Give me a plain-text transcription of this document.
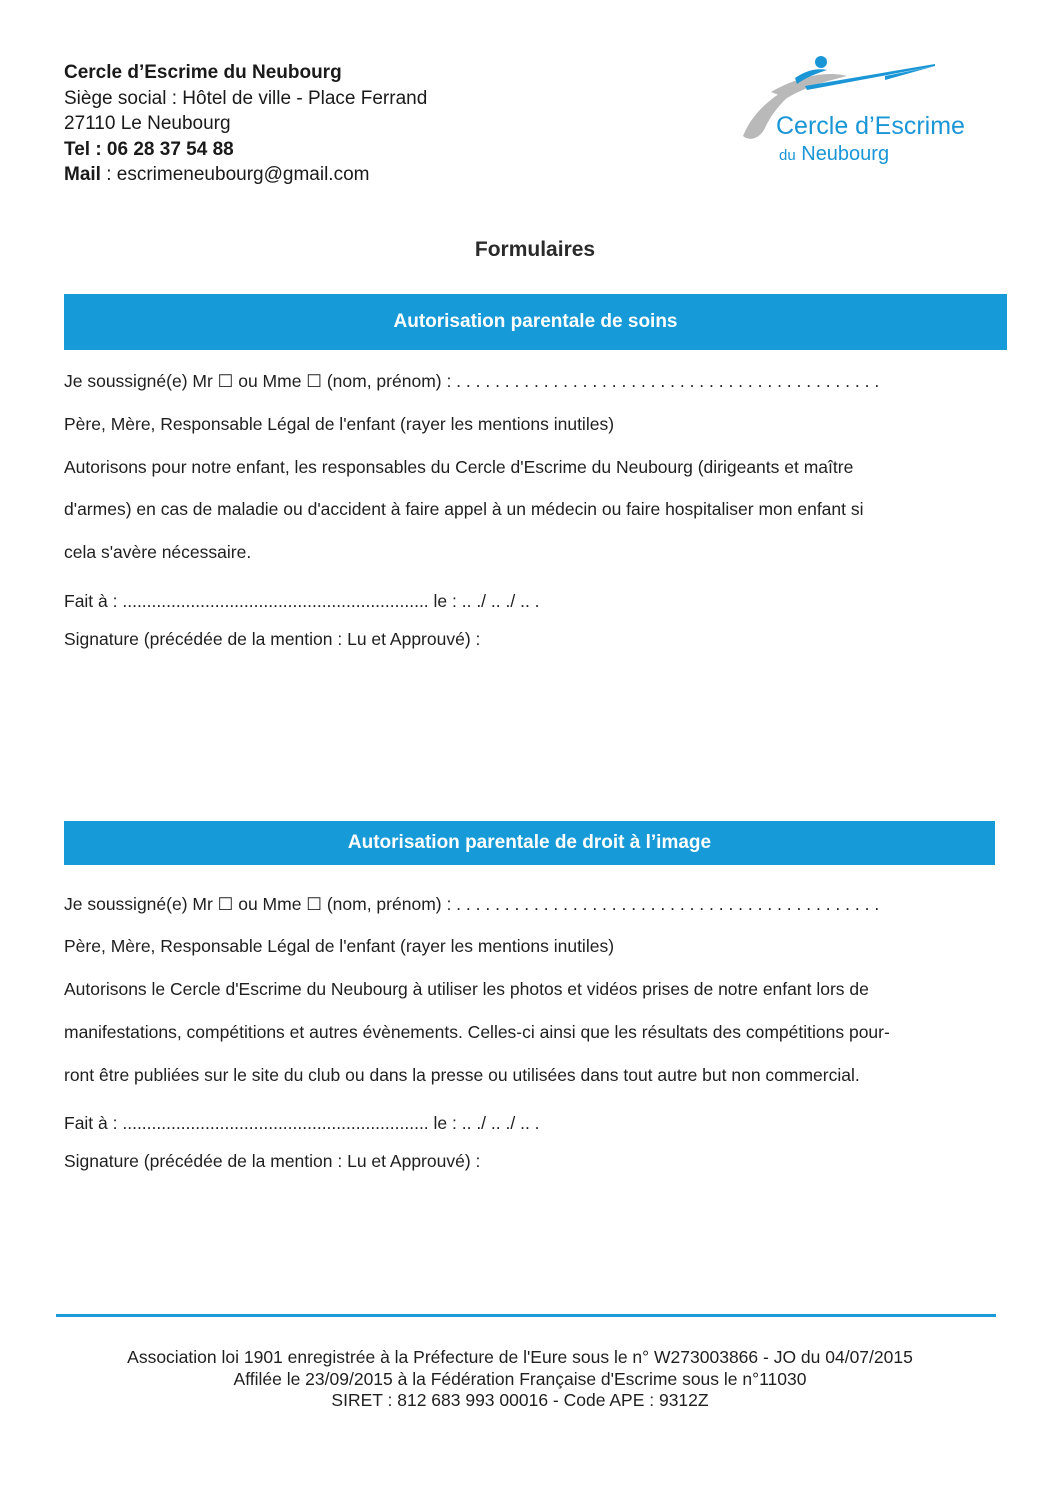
Cercle d’Escrime du Neubourg
Siège social : Hôtel de ville - Place Ferrand
27110 Le Neubourg
Tel : 06 28 37 54 88
Mail : escrimeneubourg@gmail.com
Cercle d’Escrime
du Neubourg
Formulaires
Autorisation parentale de soins
Je soussigné(e) Mr ☐ ou Mme ☐ (nom, prénom) : . . . . . . . . . . . . . . . . . . . . . . . . . . . . . . . . . . . . . . . . . . . .
Père, Mère, Responsable Légal de l'enfant (rayer les mentions inutiles)
Autorisons pour notre enfant, les responsables du Cercle d'Escrime du Neubourg (dirigeants et maître
d'armes) en cas de maladie ou d'accident à faire appel à un médecin ou faire hospitaliser mon enfant si
cela s'avère nécessaire.
Fait à : ............................................................... le : .. ./ .. ./ .. .
Signature (précédée de la mention : Lu et Approuvé) :
Autorisation parentale de droit à l’image
Je soussigné(e) Mr ☐ ou Mme ☐ (nom, prénom) : . . . . . . . . . . . . . . . . . . . . . . . . . . . . . . . . . . . . . . . . . . . .
Père, Mère, Responsable Légal de l'enfant (rayer les mentions inutiles)
Autorisons le Cercle d'Escrime du Neubourg à utiliser les photos et vidéos prises de notre enfant lors de
manifestations, compétitions et autres évènements. Celles-ci ainsi que les résultats des compétitions pour-
ront être publiées sur le site du club ou dans la presse ou utilisées dans tout autre but non commercial.
Fait à : ............................................................... le : .. ./ .. ./ .. .
Signature (précédée de la mention : Lu et Approuvé) :
Association loi 1901 enregistrée à la Préfecture de l'Eure sous le n° W273003866 - JO du 04/07/2015
Affilée le 23/09/2015 à la Fédération Française d'Escrime sous le n°11030
SIRET : 812 683 993 00016 - Code APE : 9312Z
